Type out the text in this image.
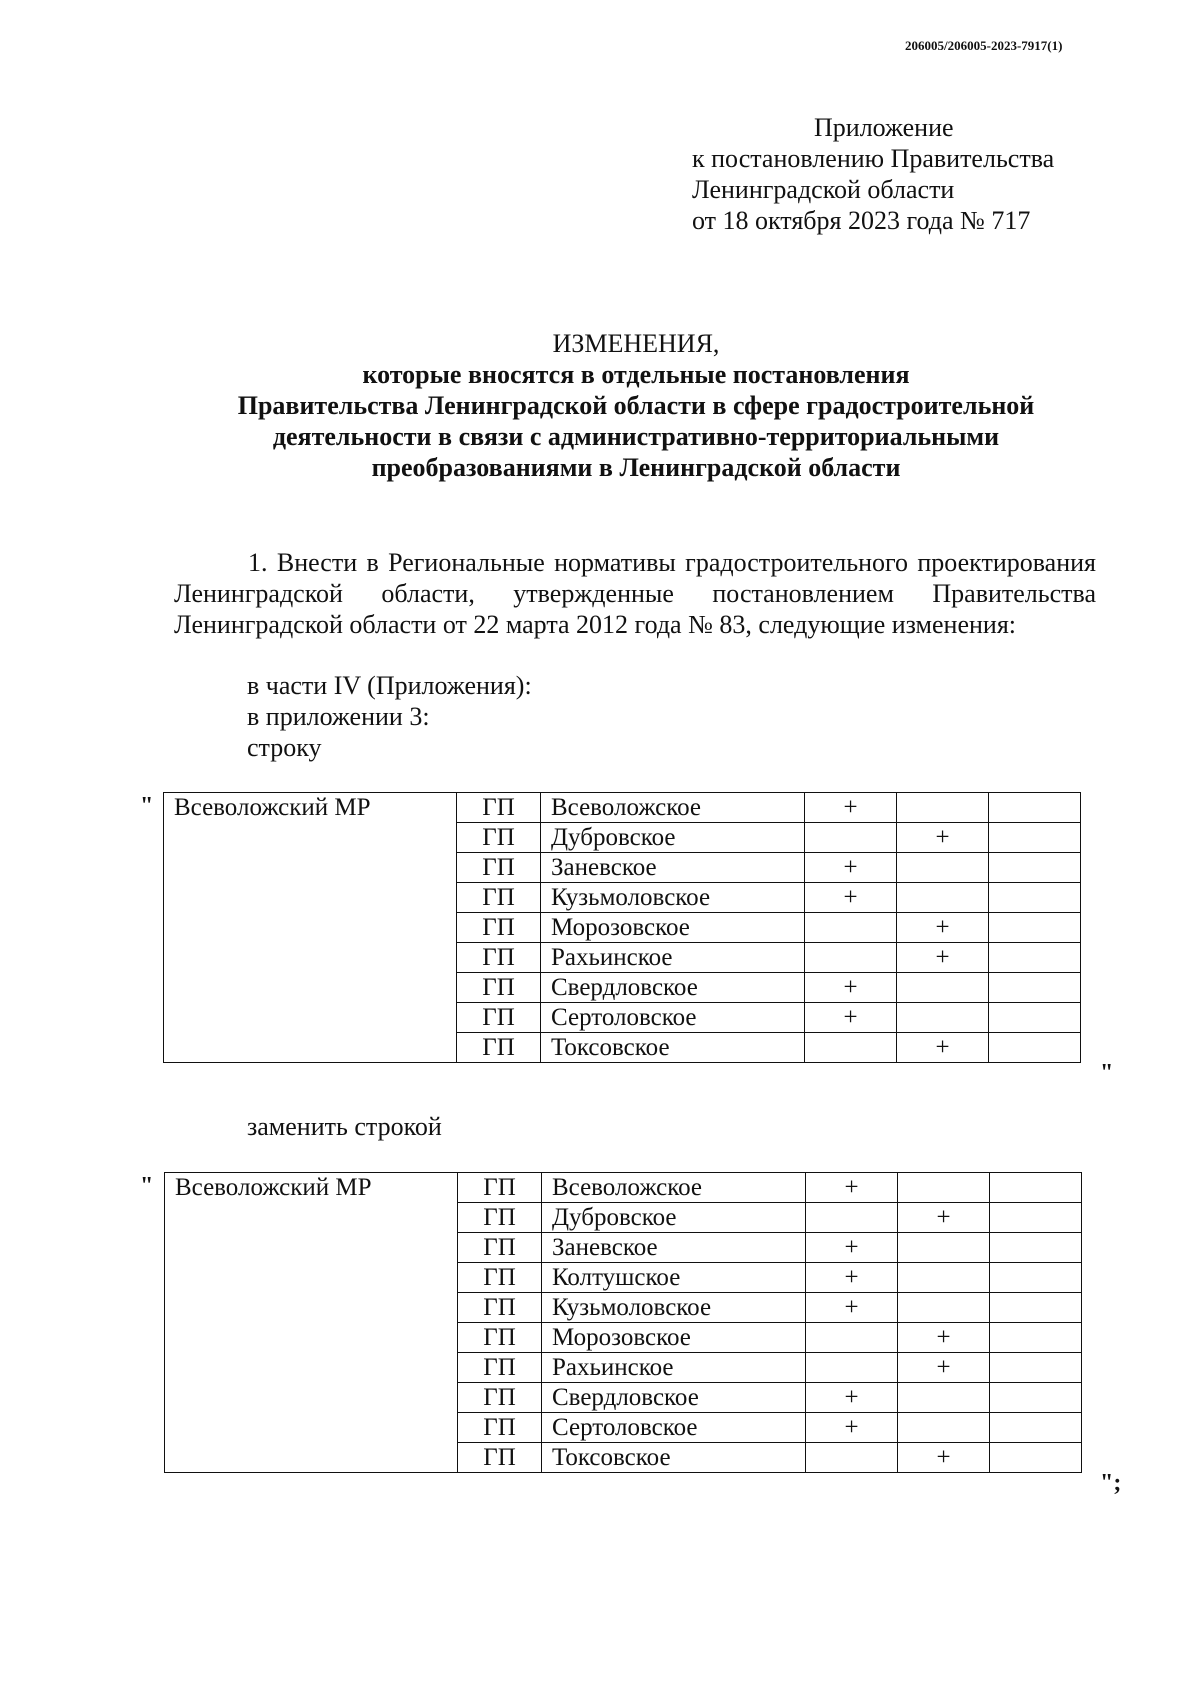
206005/206005-2023-7917(1)
Приложение
к постановлению Правительства
Ленинградской области
от 18 октября 2023 года № 717
ИЗМЕНЕНИЯ,
которые вносятся в отдельные постановления
Правительства Ленинградской области в сфере градостроительной
деятельности в связи с административно-территориальными
преобразованиями в Ленинградской области
1. Внести в Региональные нормативы градостроительного проектирования Ленинградской области, утвержденные постановлением Правительства Ленинградской области от 22 марта 2012 года № 83, следующие изменения:
в части IV (Приложения):
в приложении 3:
строку
" Всеволожский МР	ГП	Всеволожское	+		
	ГП	Дубровское		+	
	ГП	Заневское	+		
	ГП	Кузьмоловское	+		
	ГП	Морозовское		+	
	ГП	Рахьинское		+	
	ГП	Свердловское	+		
	ГП	Сертоловское	+		
	ГП	Токсовское		+	
"
заменить строкой
" Всеволожский МР	ГП	Всеволожское	+		
	ГП	Дубровское		+	
	ГП	Заневское	+		
	ГП	Колтушское	+		
	ГП	Кузьмоловское	+		
	ГП	Морозовское		+	
	ГП	Рахьинское		+	
	ГП	Свердловское	+		
	ГП	Сертоловское	+		
	ГП	Токсовское		+	
";
